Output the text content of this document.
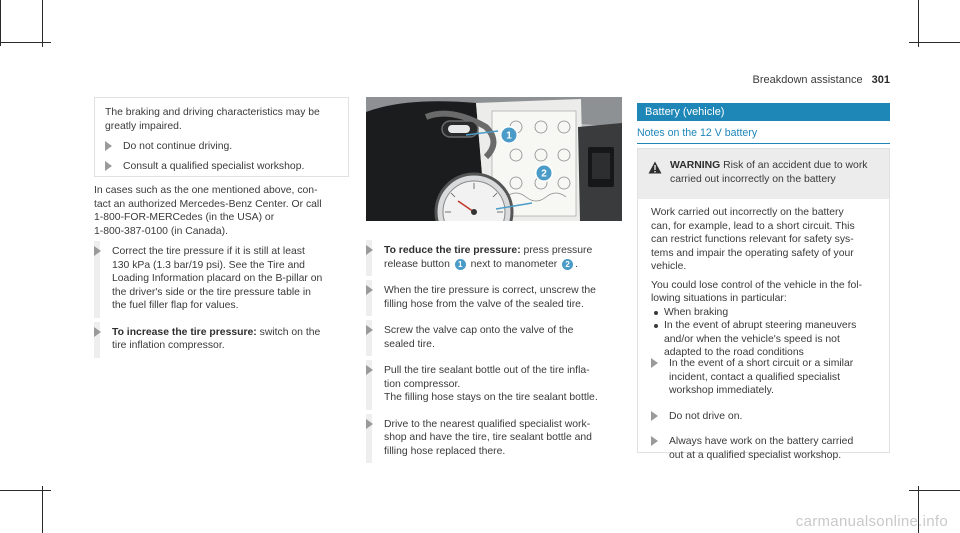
Breakdown assistance 301
The braking and driving characteristics may be
greatly impaired.
Do not continue driving.
Consult a qualified specialist workshop.
In cases such as the one mentioned above, con-
tact an authorized Mercedes-Benz Center. Or call
1-800-FOR-MERCedes (in the USA) or
1-800-387-0100 (in Canada).
Correct the tire pressure if it is still at least
130 kPa (1.3 bar/19 psi). See the Tire and
Loading Information placard on the B-pillar on
the driver's side or the tire pressure table in
the fuel filler flap for values.
To increase the tire pressure: switch on the
tire inflation compressor.
1
2
To reduce the tire pressure: press pressure
release button 1 next to manometer 2 .
When the tire pressure is correct, unscrew the
filling hose from the valve of the sealed tire.
Screw the valve cap onto the valve of the
sealed tire.
Pull the tire sealant bottle out of the tire infla-
tion compressor.
The filling hose stays on the tire sealant bottle.
Drive to the nearest qualified specialist work-
shop and have the tire, tire sealant bottle and
filling hose replaced there.
Battery (vehicle)
Notes on the 12 V battery
WARNING Risk of an accident due to work
carried out incorrectly on the battery
Work carried out incorrectly on the battery
can, for example, lead to a short circuit. This
can restrict functions relevant for safety sys-
tems and impair the operating safety of your
vehicle.
You could lose control of the vehicle in the fol-
lowing situations in particular:
When braking
In the event of abrupt steering maneuvers
and/or when the vehicle's speed is not
adapted to the road conditions
In the event of a short circuit or a similar
incident, contact a qualified specialist
workshop immediately.
Do not drive on.
Always have work on the battery carried
out at a qualified specialist workshop.
carmanualsonline.info
